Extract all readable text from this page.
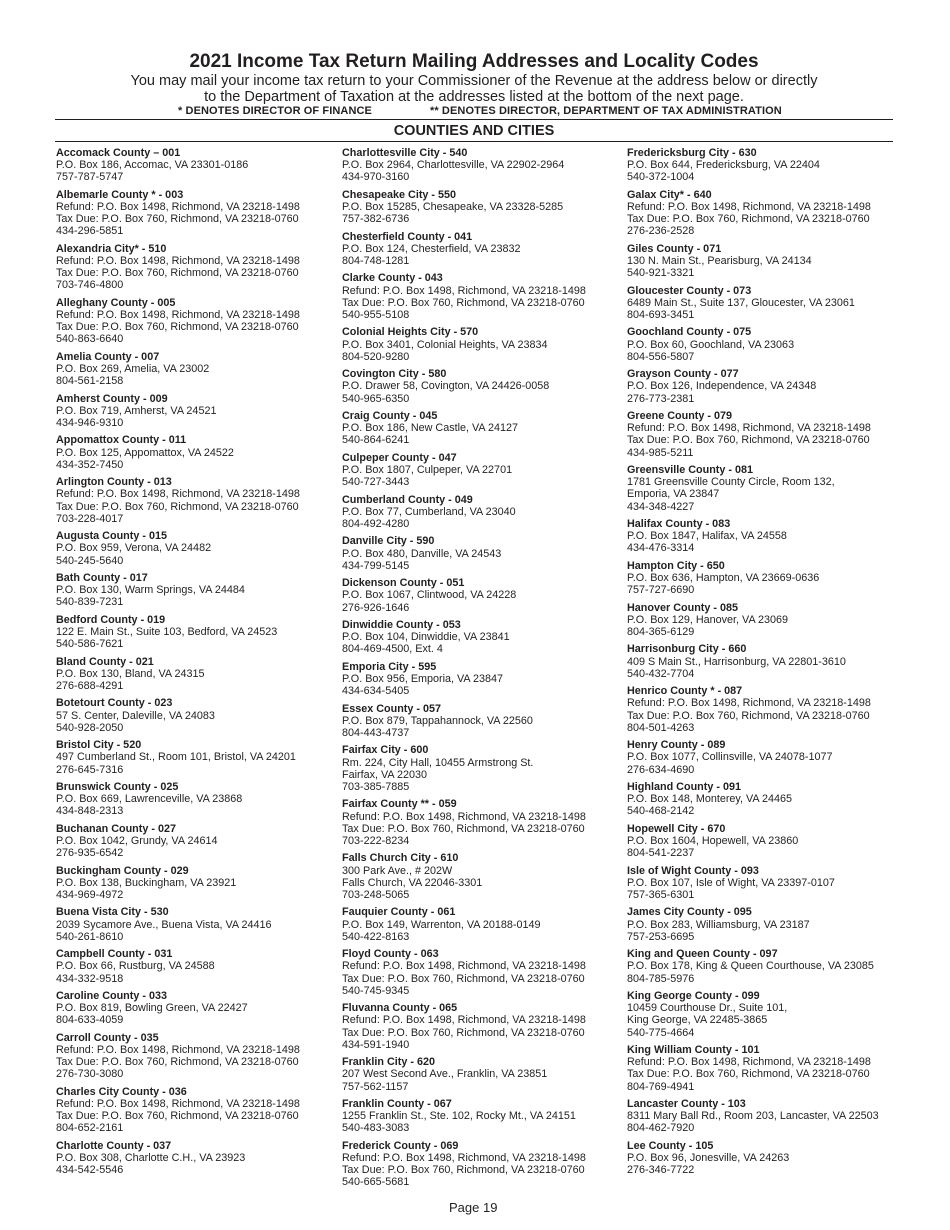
2021 Income Tax Return Mailing Addresses and Locality Codes
You may mail your income tax return to your Commissioner of the Revenue at the address below or directly
to the Department of Taxation at the addresses listed at the bottom of the next page.
* DENOTES DIRECTOR OF FINANCE	** DENOTES DIRECTOR, DEPARTMENT OF TAX ADMINISTRATION
COUNTIES AND CITIES
Accomack County – 001
P.O. Box 186, Accomac, VA 23301-0186
757-787-5747
Albemarle County * - 003
Refund: P.O. Box 1498, Richmond, VA 23218-1498
Tax Due: P.O. Box 760, Richmond, VA 23218-0760
434-296-5851
Alexandria City* - 510
Refund: P.O. Box 1498, Richmond, VA 23218-1498
Tax Due: P.O. Box 760, Richmond, VA 23218-0760
703-746-4800
Alleghany County - 005
Refund: P.O. Box 1498, Richmond, VA 23218-1498
Tax Due: P.O. Box 760, Richmond, VA 23218-0760
540-863-6640
Amelia County - 007
P.O. Box 269, Amelia, VA 23002
804-561-2158
Amherst County - 009
P.O. Box 719, Amherst, VA 24521
434-946-9310
Appomattox County - 011
P.O. Box 125, Appomattox, VA 24522
434-352-7450
Arlington County - 013
Refund: P.O. Box 1498, Richmond, VA 23218-1498
Tax Due: P.O. Box 760, Richmond, VA 23218-0760
703-228-4017
Augusta County - 015
P.O. Box 959, Verona, VA 24482
540-245-5640
Bath County - 017
P.O. Box 130, Warm Springs, VA 24484
540-839-7231
Bedford County - 019
122 E. Main St., Suite 103, Bedford, VA 24523
540-586-7621
Bland County - 021
P.O. Box 130, Bland, VA 24315
276-688-4291
Botetourt County - 023
57 S. Center, Daleville, VA 24083
540-928-2050
Bristol City - 520
497 Cumberland St., Room 101, Bristol, VA 24201
276-645-7316
Brunswick County - 025
P.O. Box 669, Lawrenceville, VA 23868
434-848-2313
Buchanan County - 027
P.O. Box 1042, Grundy, VA 24614
276-935-6542
Buckingham County - 029
P.O. Box 138, Buckingham, VA 23921
434-969-4972
Buena Vista City - 530
2039 Sycamore Ave., Buena Vista, VA 24416
540-261-8610
Campbell County - 031
P.O. Box 66, Rustburg, VA 24588
434-332-9518
Caroline County - 033
P.O. Box 819, Bowling Green, VA 22427
804-633-4059
Carroll County - 035
Refund: P.O. Box 1498, Richmond, VA 23218-1498
Tax Due: P.O. Box 760, Richmond, VA 23218-0760
276-730-3080
Charles City County - 036
Refund: P.O. Box 1498, Richmond, VA 23218-1498
Tax Due: P.O. Box 760, Richmond, VA 23218-0760
804-652-2161
Charlotte County - 037
P.O. Box 308, Charlotte C.H., VA 23923
434-542-5546
Charlottesville City - 540
P.O. Box 2964, Charlottesville, VA 22902-2964
434-970-3160
Chesapeake City - 550
P.O. Box 15285, Chesapeake, VA 23328-5285
757-382-6736
Chesterfield County - 041
P.O. Box 124, Chesterfield, VA 23832
804-748-1281
Clarke County - 043
Refund: P.O. Box 1498, Richmond, VA 23218-1498
Tax Due: P.O. Box 760, Richmond, VA 23218-0760
540-955-5108
Colonial Heights City - 570
P.O. Box 3401, Colonial Heights, VA 23834
804-520-9280
Covington City - 580
P.O. Drawer 58, Covington, VA 24426-0058
540-965-6350
Craig County - 045
P.O. Box 186, New Castle, VA 24127
540-864-6241
Culpeper County - 047
P.O. Box 1807, Culpeper, VA 22701
540-727-3443
Cumberland County - 049
P.O. Box 77, Cumberland, VA 23040
804-492-4280
Danville City - 590
P.O. Box 480, Danville, VA 24543
434-799-5145
Dickenson County - 051
P.O. Box 1067, Clintwood, VA 24228
276-926-1646
Dinwiddie County - 053
P.O. Box 104, Dinwiddie, VA 23841
804-469-4500, Ext. 4
Emporia City - 595
P.O. Box 956, Emporia, VA 23847
434-634-5405
Essex County - 057
P.O. Box 879, Tappahannock, VA 22560
804-443-4737
Fairfax City - 600
Rm. 224, City Hall, 10455 Armstrong St.
Fairfax, VA 22030
703-385-7885
Fairfax County ** - 059
Refund: P.O. Box 1498, Richmond, VA 23218-1498
Tax Due: P.O. Box 760, Richmond, VA 23218-0760
703-222-8234
Falls Church City - 610
300 Park Ave., # 202W
Falls Church, VA 22046-3301
703-248-5065
Fauquier County - 061
P.O. Box 149, Warrenton, VA 20188-0149
540-422-8163
Floyd County - 063
Refund: P.O. Box 1498, Richmond, VA 23218-1498
Tax Due: P.O. Box 760, Richmond, VA 23218-0760
540-745-9345
Fluvanna County - 065
Refund: P.O. Box 1498, Richmond, VA 23218-1498
Tax Due: P.O. Box 760, Richmond, VA 23218-0760
434-591-1940
Franklin City - 620
207 West Second Ave., Franklin, VA 23851
757-562-1157
Franklin County - 067
1255 Franklin St., Ste. 102, Rocky Mt., VA 24151
540-483-3083
Frederick County - 069
Refund: P.O. Box 1498, Richmond, VA 23218-1498
Tax Due: P.O. Box 760, Richmond, VA 23218-0760
540-665-5681
Fredericksburg City - 630
P.O. Box 644, Fredericksburg, VA 22404
540-372-1004
Galax City* - 640
Refund: P.O. Box 1498, Richmond, VA 23218-1498
Tax Due: P.O. Box 760, Richmond, VA 23218-0760
276-236-2528
Giles County - 071
130 N. Main St., Pearisburg, VA 24134
540-921-3321
Gloucester County - 073
6489 Main St., Suite 137, Gloucester, VA 23061
804-693-3451
Goochland County - 075
P.O. Box 60, Goochland, VA 23063
804-556-5807
Grayson County - 077
P.O. Box 126, Independence, VA 24348
276-773-2381
Greene County - 079
Refund: P.O. Box 1498, Richmond, VA 23218-1498
Tax Due: P.O. Box 760, Richmond, VA 23218-0760
434-985-5211
Greensville County - 081
1781 Greensville County Circle, Room 132,
Emporia, VA 23847
434-348-4227
Halifax County - 083
P.O. Box 1847, Halifax, VA 24558
434-476-3314
Hampton City - 650
P.O. Box 636, Hampton, VA 23669-0636
757-727-6690
Hanover County - 085
P.O. Box 129, Hanover, VA 23069
804-365-6129
Harrisonburg City - 660
409 S Main St., Harrisonburg, VA 22801-3610
540-432-7704
Henrico County * - 087
Refund: P.O. Box 1498, Richmond, VA 23218-1498
Tax Due: P.O. Box 760, Richmond, VA 23218-0760
804-501-4263
Henry County - 089
P.O. Box 1077, Collinsville, VA 24078-1077
276-634-4690
Highland County - 091
P.O. Box 148, Monterey, VA 24465
540-468-2142
Hopewell City - 670
P.O. Box 1604, Hopewell, VA 23860
804-541-2237
Isle of Wight County - 093
P.O. Box 107, Isle of Wight, VA 23397-0107
757-365-6301
James City County - 095
P.O. Box 283, Williamsburg, VA 23187
757-253-6695
King and Queen County - 097
P.O. Box 178, King & Queen Courthouse, VA 23085
804-785-5976
King George County - 099
10459 Courthouse Dr., Suite 101,
King George, VA 22485-3865
540-775-4664
King William County - 101
Refund: P.O. Box 1498, Richmond, VA 23218-1498
Tax Due: P.O. Box 760, Richmond, VA 23218-0760
804-769-4941
Lancaster County - 103
8311 Mary Ball Rd., Room 203, Lancaster, VA 22503
804-462-7920
Lee County - 105
P.O. Box 96, Jonesville, VA 24263
276-346-7722
Page 19
